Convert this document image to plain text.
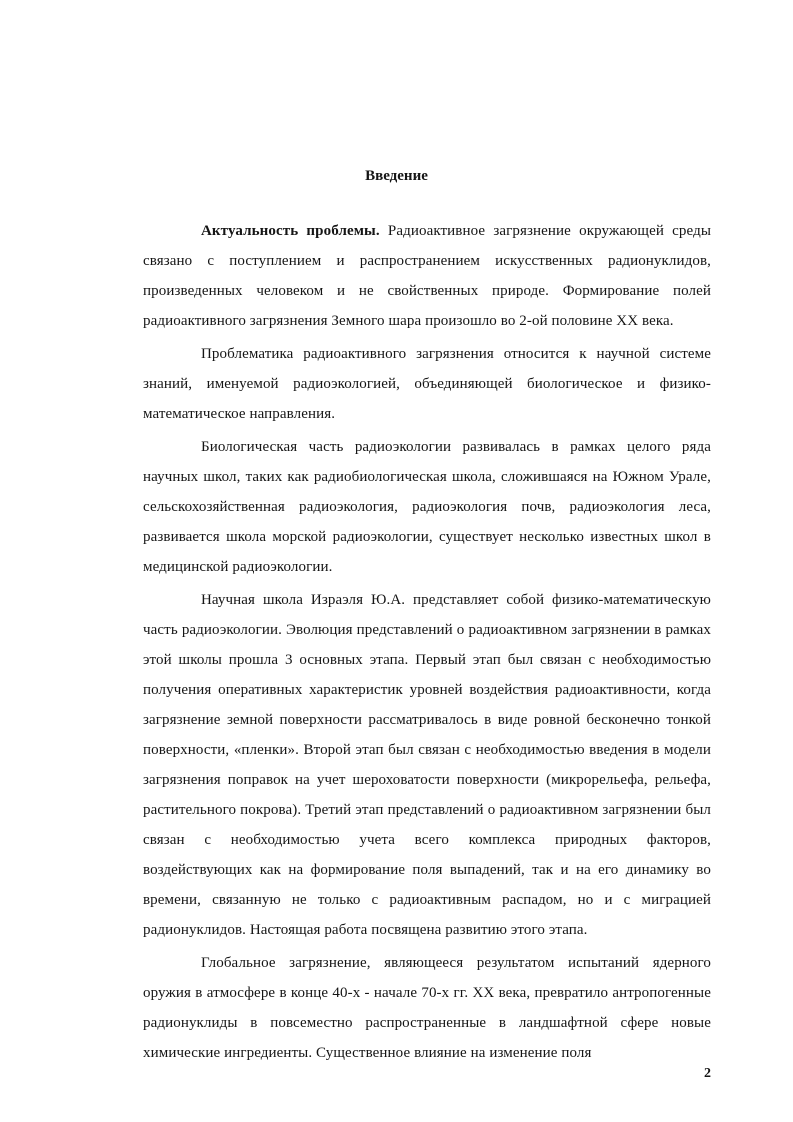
Введение

Актуальность проблемы. Радиоактивное загрязнение окружающей среды связано с поступлением и распространением искусственных радионуклидов, произведенных человеком и не свойственных природе. Формирование полей радиоактивного загрязнения Земного шара произошло во 2-ой половине XX века.

Проблематика радиоактивного загрязнения относится к научной системе знаний, именуемой радиоэкологией, объединяющей биологическое и физико-математическое направления.

Биологическая часть радиоэкологии развивалась в рамках целого ряда научных школ, таких как радиобиологическая школа, сложившаяся на Южном Урале, сельскохозяйственная радиоэкология, радиоэкология почв, радиоэкология леса, развивается школа морской радиоэкологии, существует несколько известных школ в медицинской радиоэкологии.

Научная школа Израэля Ю.А. представляет собой физико-математическую часть радиоэкологии. Эволюция представлений о радиоактивном загрязнении в рамках этой школы прошла 3 основных этапа. Первый этап был связан с необходимостью получения оперативных характеристик уровней воздействия радиоактивности, когда загрязнение земной поверхности рассматривалось в виде ровной бесконечно тонкой поверхности, «пленки». Второй этап был связан с необходимостью введения в модели загрязнения поправок на учет шероховатости поверхности (микрорельефа, рельефа, растительного покрова). Третий этап представлений о радиоактивном загрязнении был связан с необходимостью учета всего комплекса природных факторов, воздействующих как на формирование поля выпадений, так и на его динамику во времени, связанную не только с радиоактивным распадом, но и с миграцией радионуклидов. Настоящая работа посвящена развитию этого этапа.

Глобальное загрязнение, являющееся результатом испытаний ядерного оружия в атмосфере в конце 40-х - начале 70-х гг. XX века, превратило антропогенные радионуклиды в повсеместно распространенные в ландшафтной сфере новые химические ингредиенты. Существенное влияние на изменение поля

2
